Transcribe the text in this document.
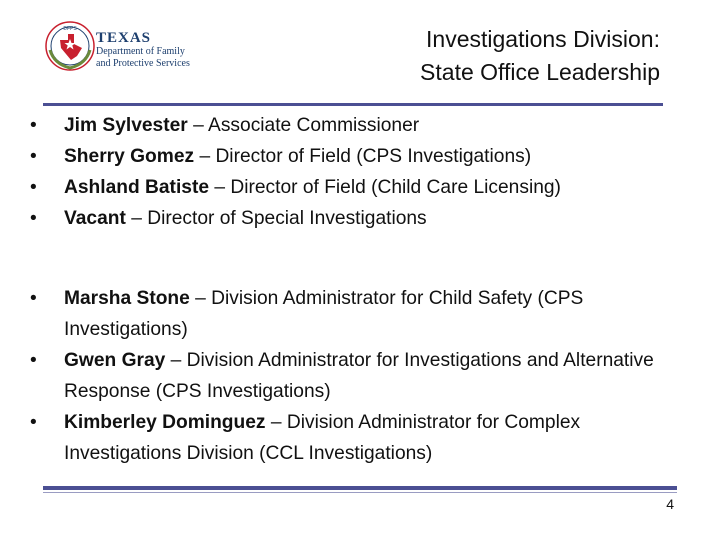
DFPS
TEXAS
Department of Family
and Protective Services
Investigations Division:
State Office Leadership
• Jim Sylvester – Associate Commissioner
• Sherry Gomez – Director of Field (CPS Investigations)
• Ashland Batiste – Director of Field (Child Care Licensing)
• Vacant – Director of Special Investigations
• Marsha Stone – Division Administrator for Child Safety (CPS Investigations)
• Gwen Gray – Division Administrator for Investigations and Alternative Response (CPS Investigations)
• Kimberley Dominguez – Division Administrator for Complex Investigations Division (CCL Investigations)
4
